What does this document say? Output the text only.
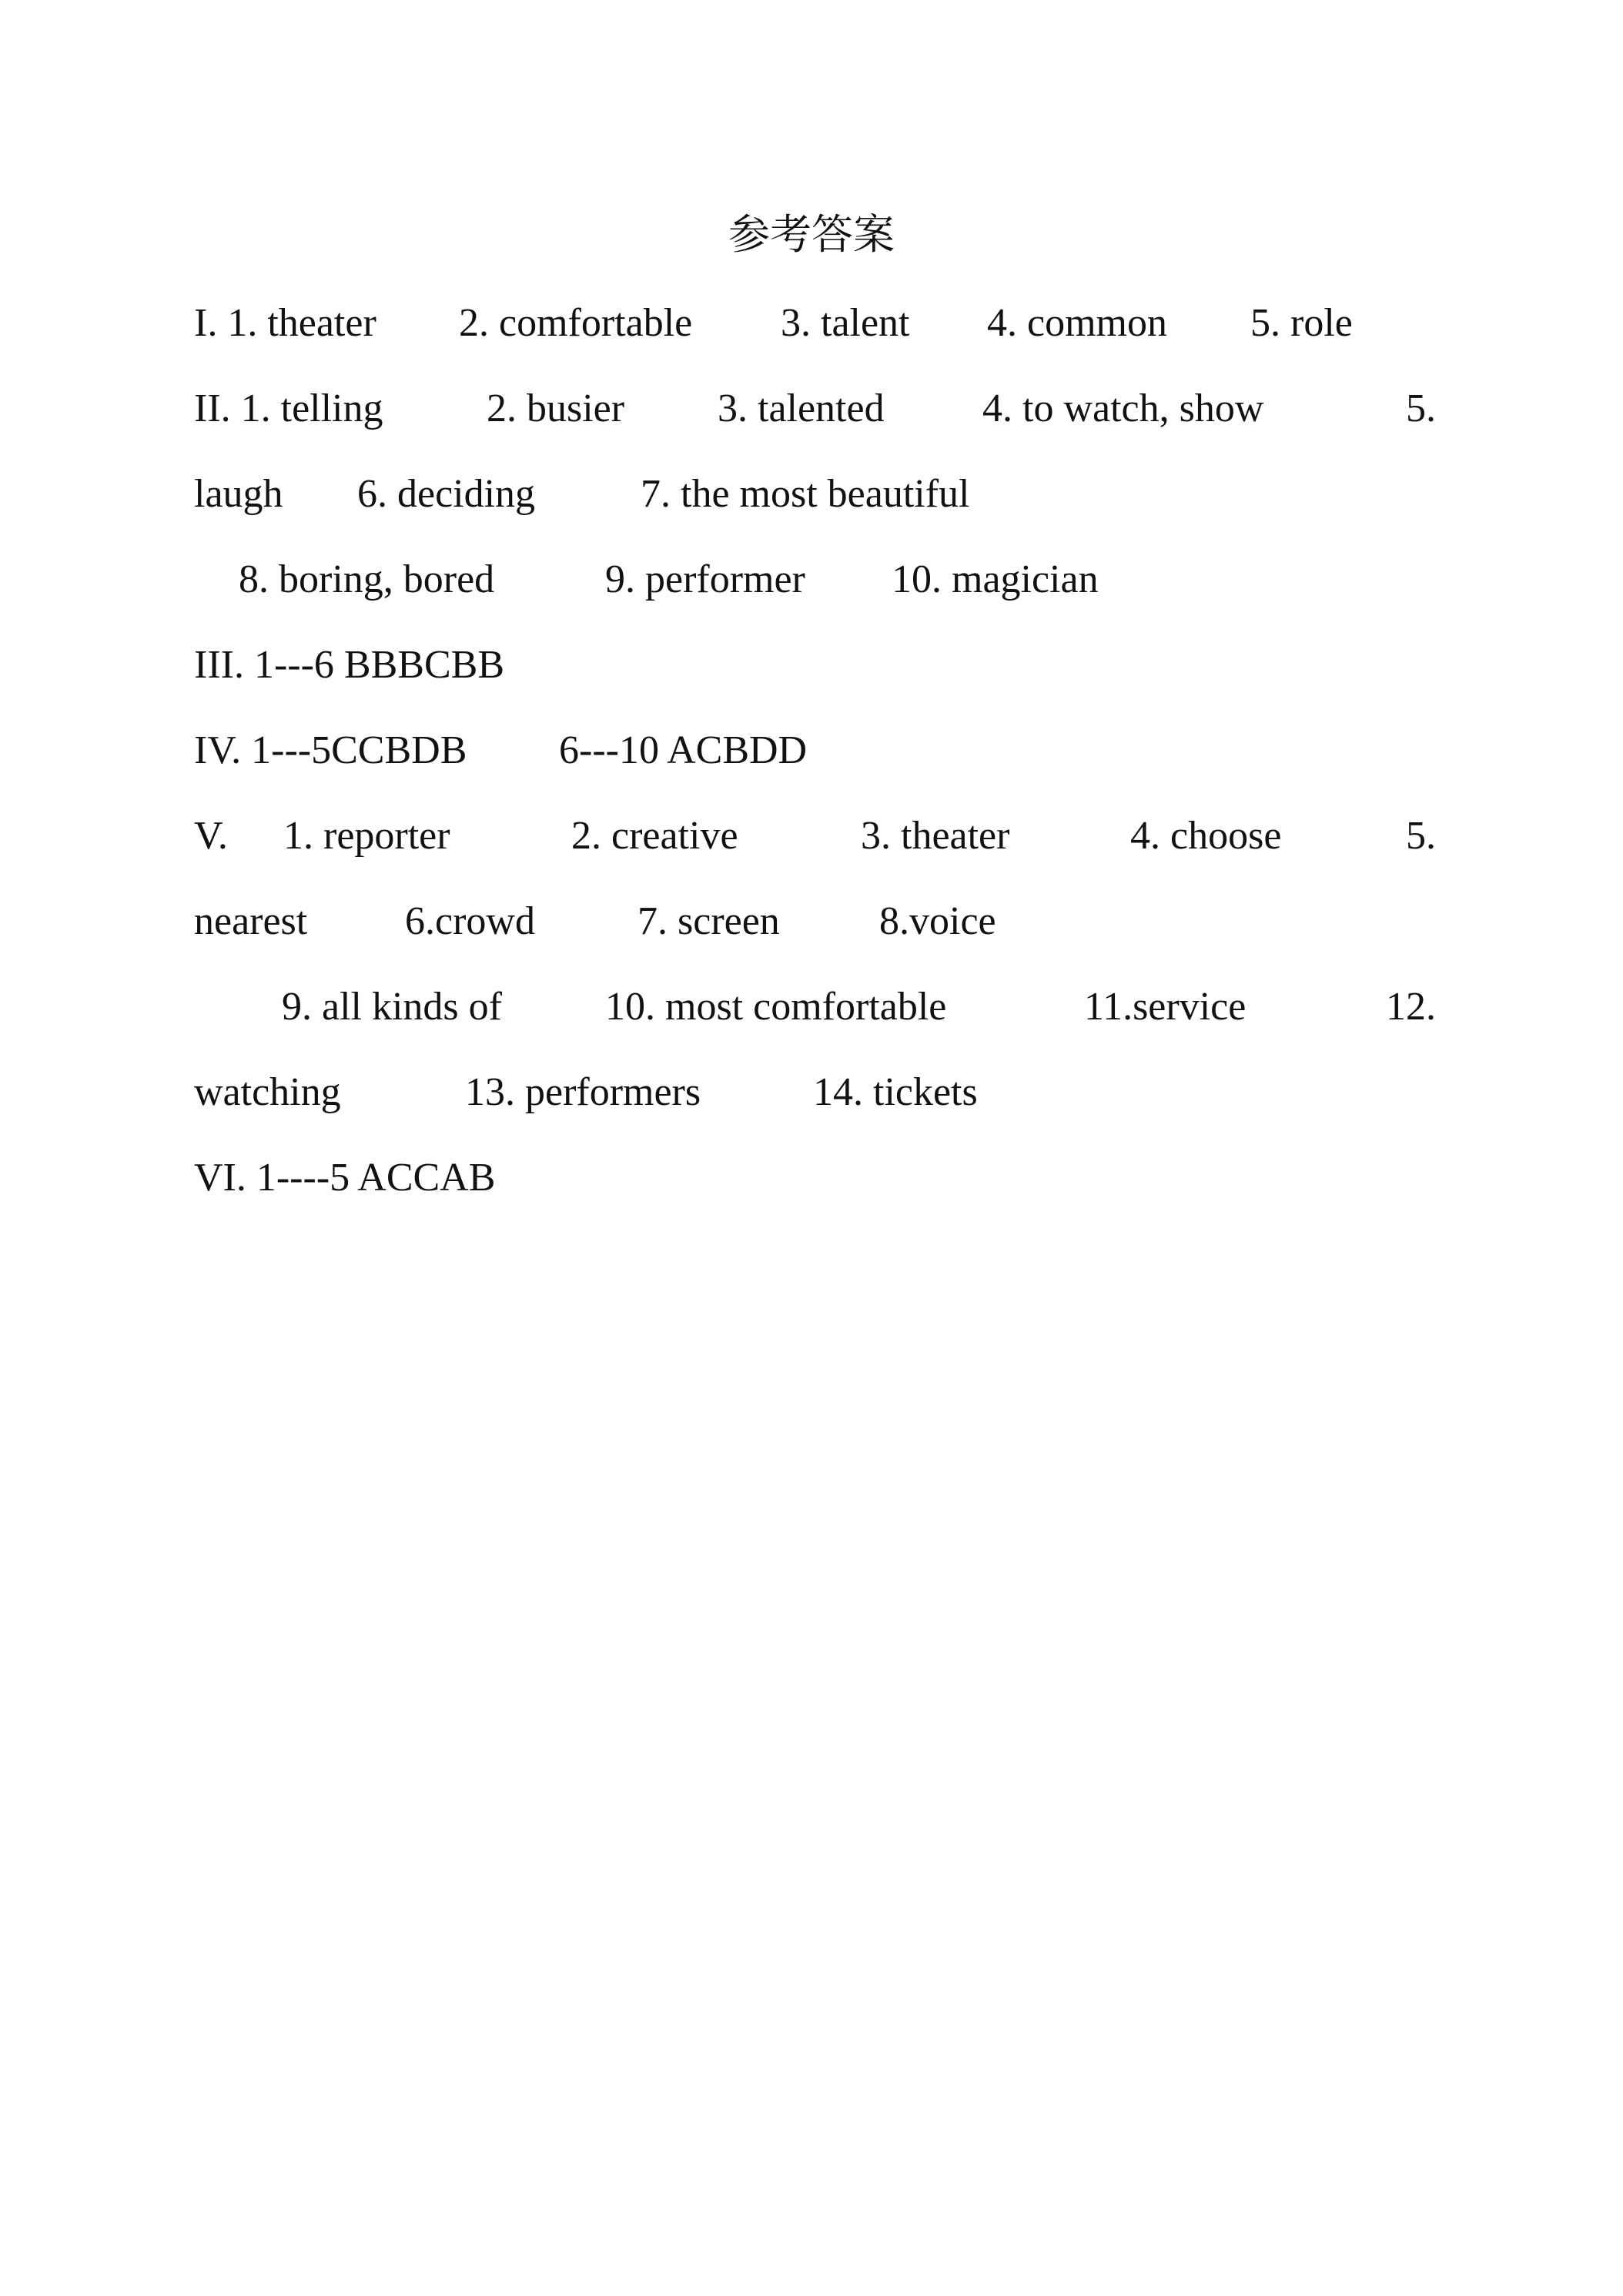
参考答案
I. 1. theater 2. comfortable 3. talent 4. common 5. role
II. 1. telling	2. busier 3. talented 4. to watch, show	5.
laugh 6. deciding	7. the most beautiful
8. boring, bored	9. performer 10. magician
III. 1---6 BBBCBB
IV. 1---5CCBDB 6---10 ACBDD
V. 1. reporter	2. creative	3. theater	4. choose	5.
nearest 6.crowd	7. screen 8.voice
9. all kinds of	10. most comfortable	11.service	12.
watching	13. performers	14. tickets
VI. 1----5 ACCAB
